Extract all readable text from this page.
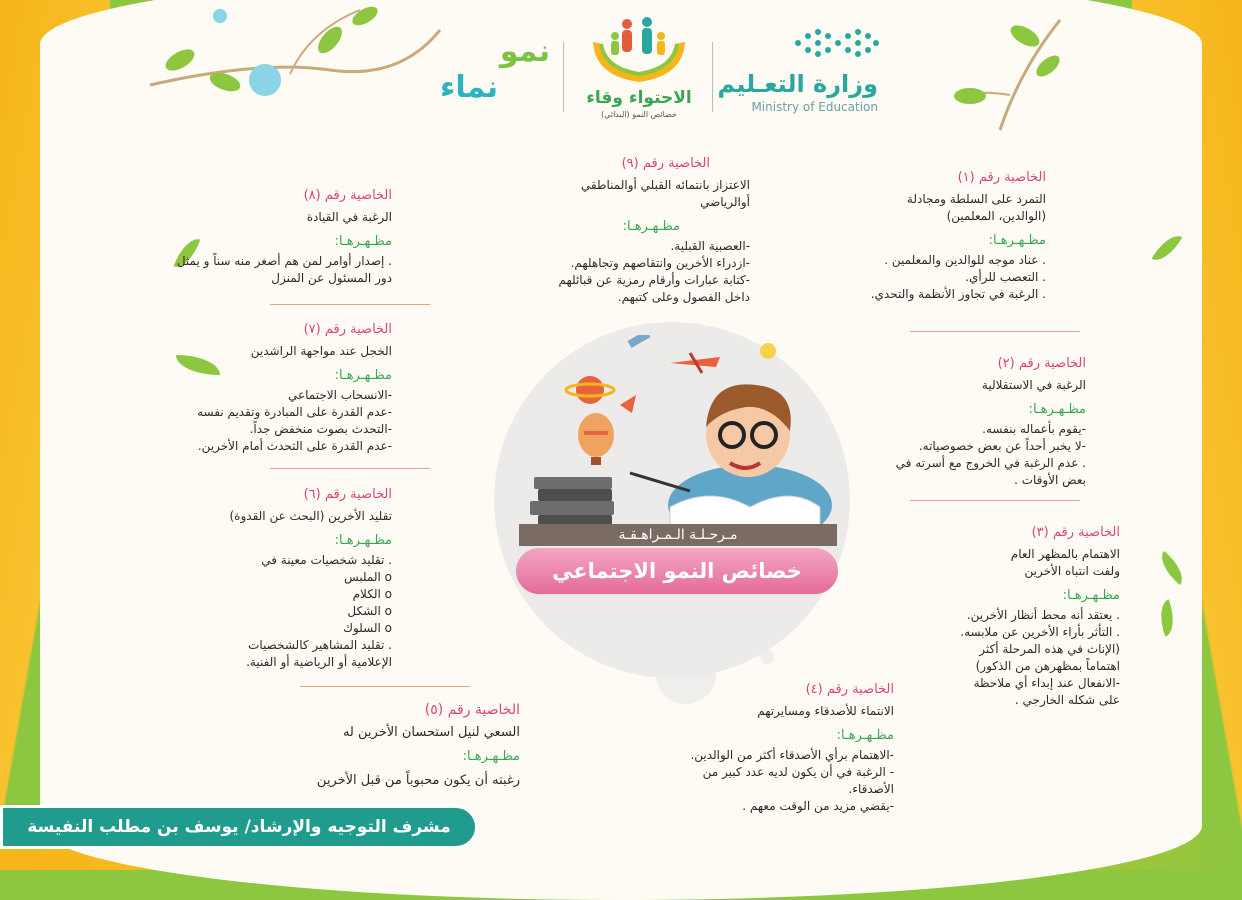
وزارة التعـليم
Ministry of Education
الاحتواء وقاء
خصائص النمو (البدائي)
نمو
نماء
مـرحـلـة الـمـراهـقـة
خصائص النمو الاجتماعي
الخاصية رقم (١)
التمرد على السلطة ومجادلة
(الوالدين، المعلمين)
مظـهـرهـا:
. عناد موجه للوالدين والمعلمين .
. التعصب للرأي.
. الرغبة في تجاوز الأنظمة والتحدي.
الخاصية رقم (٢)
الرغبة في الاستقلالية
مظـهـرهـا:
-يقوم بأعماله بنفسه.
-لا يخبر أحداً عن بعض خصوصياته.
. عدم الرغبة في الخروج مع أسرته في
بعض الأوقات .
الخاصية رقم (٣)
الاهتمام بالمظهر العام
ولفت انتباه الأخرين
مظـهـرهـا:
. يعتقد أنه محط أنظار الأخرين.
. التأثر بأراء الأخرين عن ملابسه.
(الإناث في هذه المرحلة أكثر
اهتماماً بمظهرهن من الذكور)
-الانفعال عند إبداء أي ملاحظة
على شكله الخارجي .
الخاصية رقم (٤)
الانتماء للأصدقاء ومسايرتهم
مظـهـرهـا:
-الاهتمام برأي الأصدقاء أكثر من الوالدين.
- الرغبة في أن يكون لديه عدد كبير من
الأصدقاء.
-يقضي مزيد من الوقت معهم .
الخاصية رقم (٨)
الرغبة في القيادة
مظـهـرهـا:
. إصدار أوامر لمن هم أصغر منه سناً و يمثل
دور المسئول عن المنزل
الخاصية رقم (٧)
الخجل عند مواجهة الراشدين
مظـهـرهـا:
-الانسحاب الاجتماعي
-عدم القدرة على المبادرة وتقديم نفسه
-التحدث بصوت منخفض جداً.
-عدم القدرة على التحدث أمام الأخرين.
الخاصية رقم (٦)
تقليد الأخرين (البحث عن القدوة)
مظـهـرهـا:
. تقليد شخصيات معينة في
o الملبس
o الكلام
o الشكل
o السلوك
. تقليد المشاهير كالشخصيات
الإعلامية أو الرياضية أو الفنية.
الخاصية رقم (٥)
السعي لنيل استحسان الأخرين له
مظـهـرهـا:
رغبته أن يكون محبوباً من قبل الأخرين
الخاصية رقم (٩)
الاعتزاز بانتمائه القبلي أوالمناطقي
أوالرياضي
مظـهـرهـا:
-العصبية القبلية.
-ازدراء الأخرين وانتقاصهم وتجاهلهم.
-كتابة عبارات وأرقام رمزية عن قبائلهم
داخل الفصول وعلى كتبهم.
مشرف التوجيه والإرشاد/ يوسف بن مطلب النفيسة
